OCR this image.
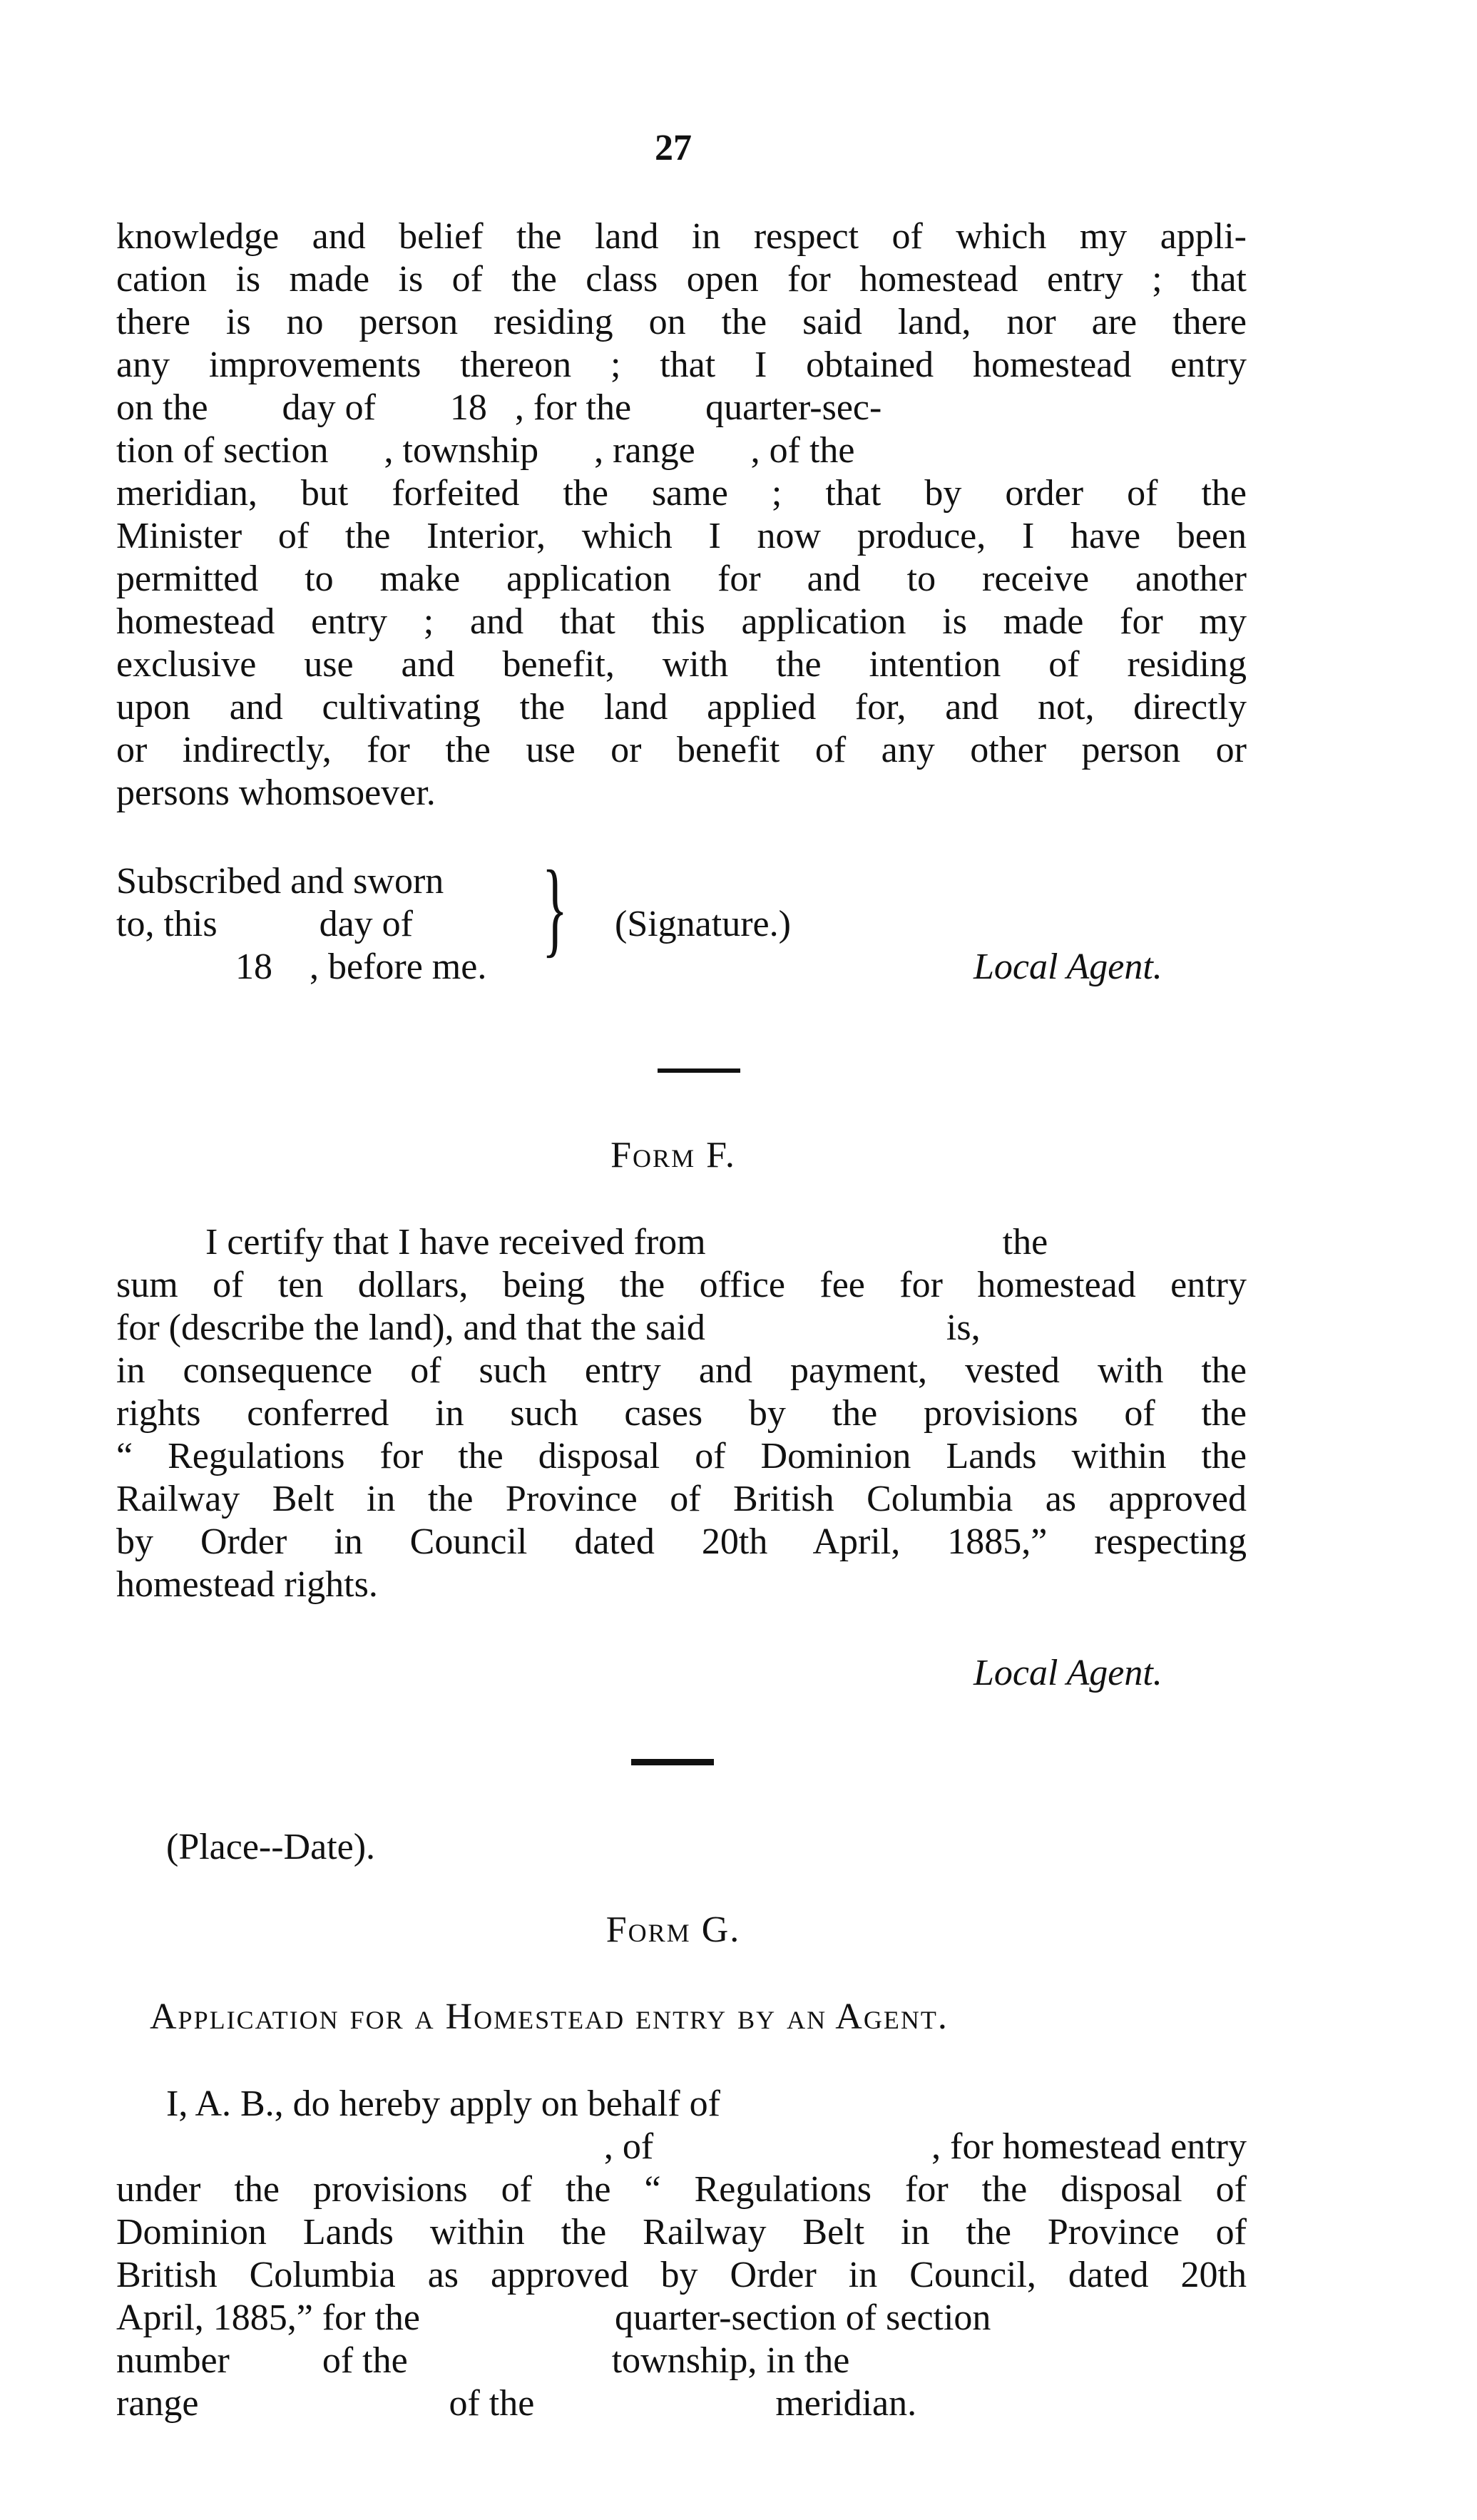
27
knowledge and belief the land in respect of which my appli-
cation is made is of the class open for homestead entry ; that
there is no person residing on the said land, nor are there
any improvements thereon ; that I obtained homestead entry
on the        day of        18   , for the        quarter-sec-
tion of section      , township      , range      , of the
meridian, but forfeited the same ; that by order of the
Minister of the Interior, which I now produce, I have been
permitted to make application for and to receive another
homestead entry ; and that this application is made for my
exclusive use and benefit, with the intention of residing
upon and cultivating the land applied for, and not, directly
or indirectly, for the use or benefit of any other person or
persons whomsoever.
Subscribed and sworn
to, this           day of
18    , before me. } (Signature.)
Local Agent.
Form F.
I certify that I have received from                                the
sum of ten dollars, being the office fee for homestead entry
for (describe the land), and that the said                          is,
in consequence of such entry and payment, vested with the
rights conferred in such cases by the provisions of the
“ Regulations for the disposal of Dominion Lands within the
Railway Belt in the Province of British Columbia as approved
by Order in Council dated 20th April, 1885,” respecting
homestead rights.
Local Agent.
(Place--Date).
Form G.
Application for a Homestead entry by an Agent.
I, A. B., do hereby apply on behalf of
, of                              , for homestead entry
under the provisions of the “ Regulations for the disposal of
Dominion Lands within the Railway Belt in the Province of
British Columbia as approved by Order in Council, dated 20th
April, 1885,” for the                     quarter-section of section
number          of the                      township, in the
range                           of the                          meridian.
